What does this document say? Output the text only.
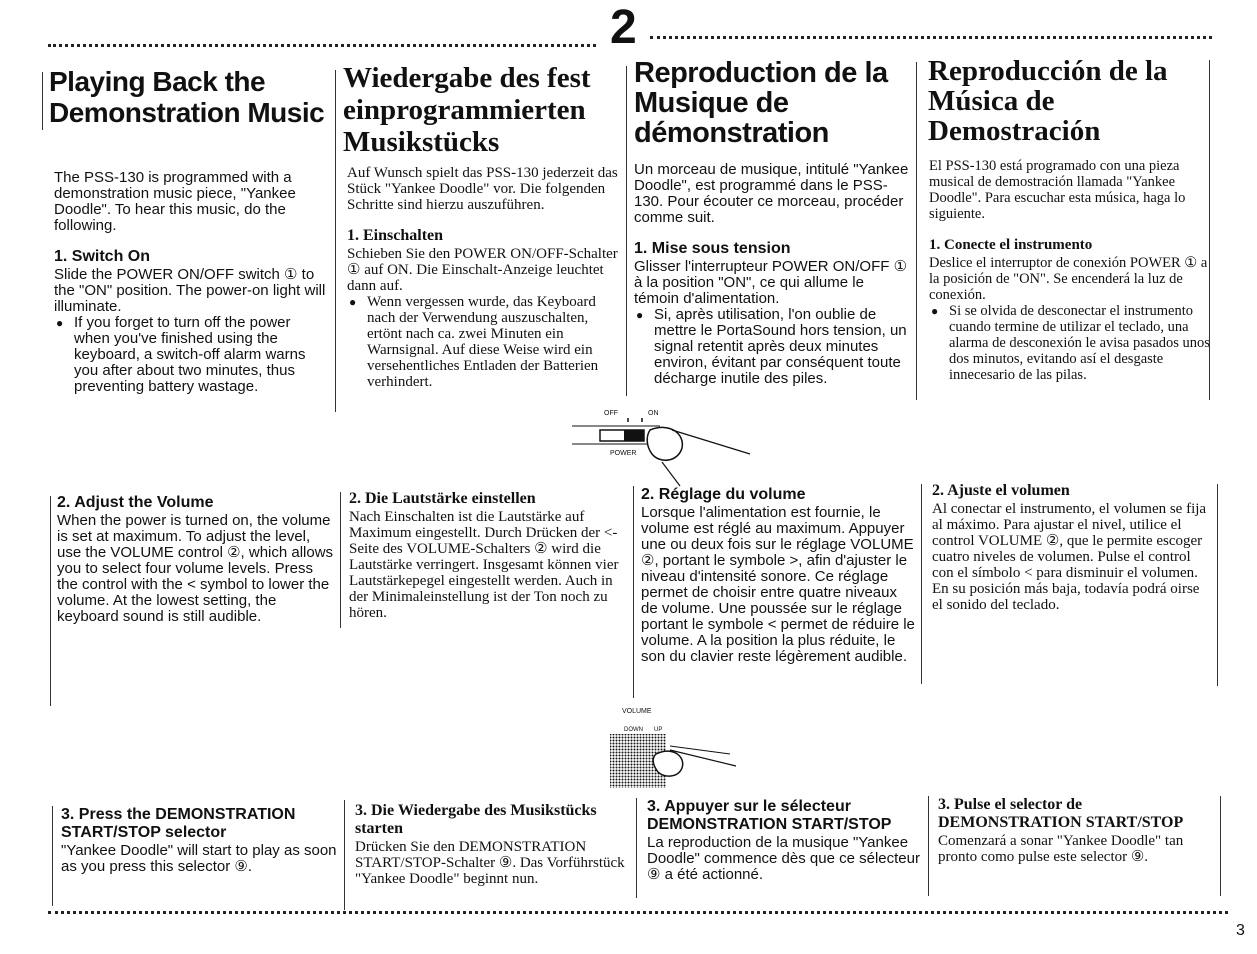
2
3
Playing Back the Demonstration Music
Wiedergabe des fest einprogrammierten Musikstücks
Reproduction de la Musique de démonstration
Reproducción de la Música de Demostración

The PSS-130 is programmed with a demonstration music piece, "Yankee Doodle". To hear this music, do the following.

1. Switch On

Slide the POWER ON/OFF switch ① to the "ON" position. The power-on light will illuminate.

● If you forget to turn off the power when you've finished using the keyboard, a switch-off alarm warns you after about two minutes, thus preventing battery wastage.

Auf Wunsch spielt das PSS-130 jederzeit das Stück "Yankee Doodle" vor. Die folgenden Schritte sind hierzu auszuführen.

1. Einschalten

Schieben Sie den POWER ON/OFF-Schalter ① auf ON. Die Einschalt-Anzeige leuchtet dann auf.

● Wenn vergessen wurde, das Keyboard nach der Verwendung auszuschalten, ertönt nach ca. zwei Minuten ein Warnsignal. Auf diese Weise wird ein versehentliches Entladen der Batterien verhindert.

Un morceau de musique, intitulé "Yankee Doodle", est programmé dans le PSS-130. Pour écouter ce morceau, procéder comme suit.

1. Mise sous tension

Glisser l'interrupteur POWER ON/OFF ① à la position "ON", ce qui allume le témoin d'alimentation.

● Si, après utilisation, l'on oublie de mettre le PortaSound hors tension, un signal retentit après deux minutes environ, évitant par conséquent toute décharge inutile des piles.

El PSS-130 está programado con una pieza musical de demostración llamada "Yankee Doodle". Para escuchar esta música, haga lo siguiente.

1. Conecte el instrumento

Deslice el interruptor de conexión POWER ① a la posición de "ON". Se encenderá la luz de conexión.

● Si se olvida de desconectar el instrumento cuando termine de utilizar el teclado, una alarma de desconexión le avisa pasados unos dos minutos, evitando así el desgaste innecesario de las pilas.

OFF	ON
POWER
2. Adjust the Volume

When the power is turned on, the volume is set at maximum. To adjust the level, use the VOLUME control ②, which allows you to select four volume levels. Press the control with the < symbol to lower the volume. At the lowest setting, the keyboard sound is still audible.

2. Die Lautstärke einstellen

Nach Einschalten ist die Lautstärke auf Maximum eingestellt. Durch Drücken der <-Seite des VOLUME-Schalters ② wird die Lautstärke verringert. Insgesamt können vier Lautstärkepegel eingestellt werden. Auch in der Minimaleinstellung ist der Ton noch zu hören.

2. Réglage du volume

Lorsque l'alimentation est fournie, le volume est réglé au maximum. Appuyer une ou deux fois sur le réglage VOLUME ②, portant le symbole >, afin d'ajuster le niveau d'intensité sonore. Ce réglage permet de choisir entre quatre niveaux de volume. Une poussée sur le réglage portant le symbole < permet de réduire le volume. A la position la plus réduite, le son du clavier reste légèrement audible.

2. Ajuste el volumen

Al conectar el instrumento, el volumen se fija al máximo. Para ajustar el nivel, utilice el control VOLUME ②, que le permite escoger cuatro niveles de volumen. Pulse el control con el símbolo < para disminuir el volumen. En su posición más baja, todavía podrá oirse el sonido del teclado.

VOLUME
DOWN UP
3. Press the DEMONSTRATION START/STOP selector

"Yankee Doodle" will start to play as soon as you press this selector ⑨.

3. Die Wiedergabe des Musikstücks starten

Drücken Sie den DEMONSTRATION START/STOP-Schalter ⑨. Das Vorführstück "Yankee Doodle" beginnt nun.

3. Appuyer sur le sélecteur DEMONSTRATION START/STOP

La reproduction de la musique "Yankee Doodle" commence dès que ce sélecteur ⑨ a été actionné.

3. Pulse el selector de DEMONSTRATION START/STOP

Comenzará a sonar "Yankee Doodle" tan pronto como pulse este selector ⑨.
